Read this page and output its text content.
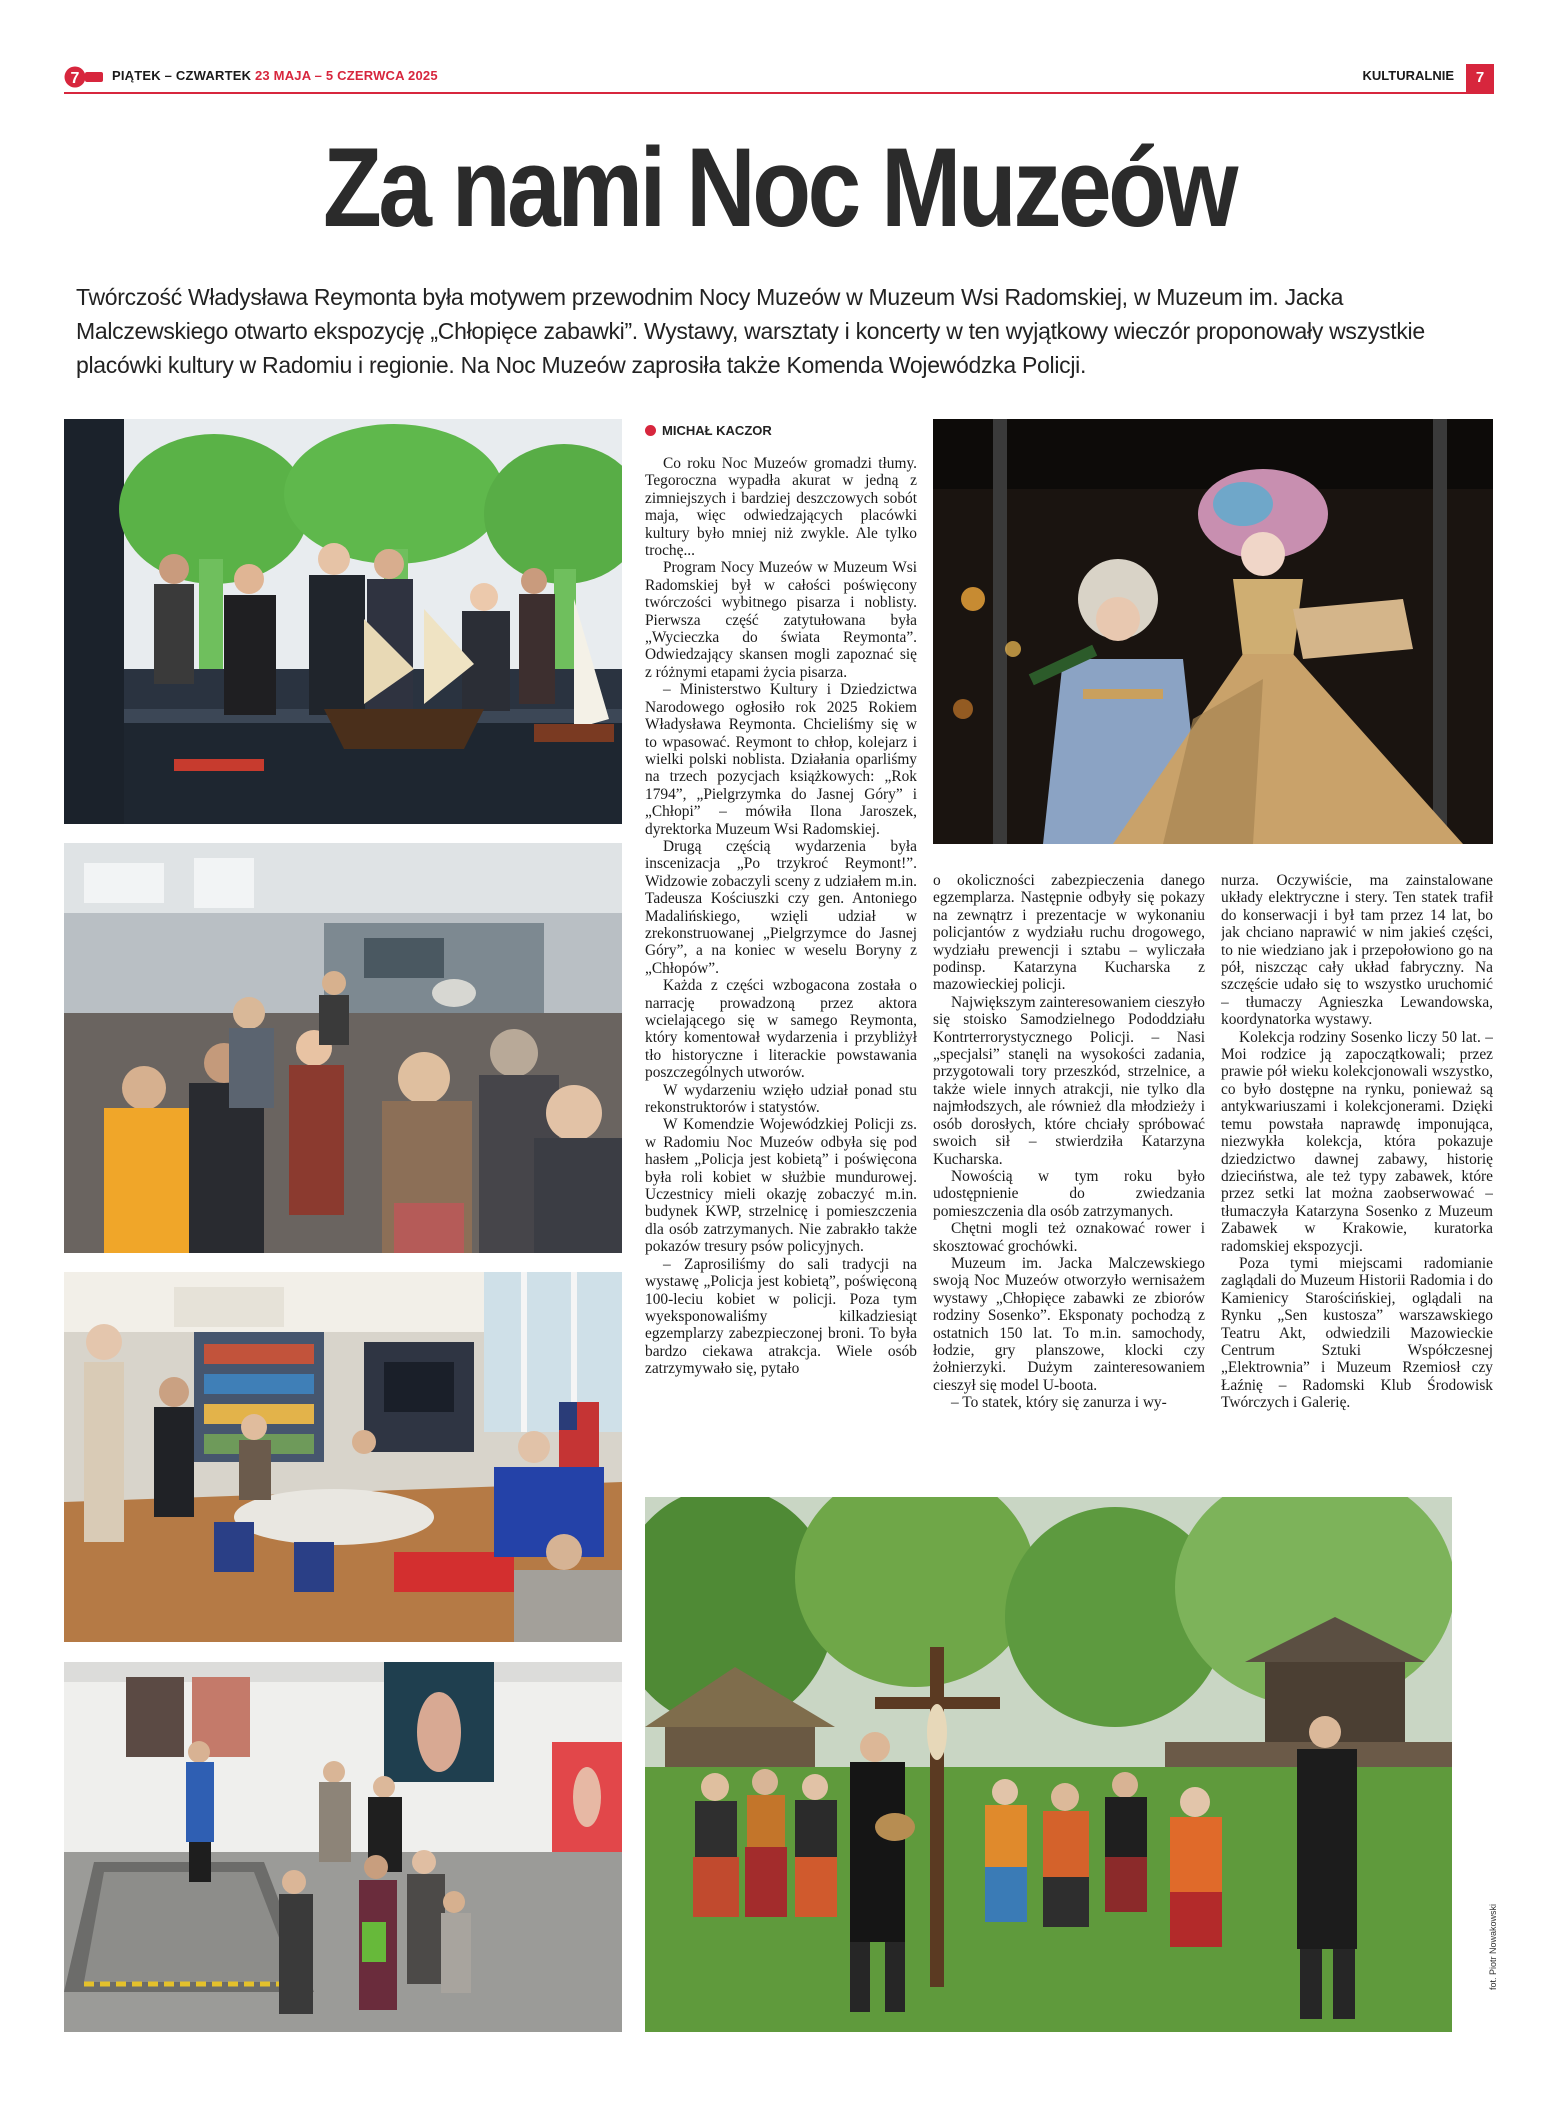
7	PIĄTEK – CZWARTEK 23 MAJA – 5 CZERWCA 2025	KULTURALNIE	7
Za nami Noc Muzeów

Twórczość Władysława Reymonta była motywem przewodnim Nocy Muzeów w Muzeum Wsi Radomskiej, w Muzeum im. Jacka Malczewskiego otwarto ekspozycję „Chłopięce zabawki”. Wystawy, warsztaty i koncerty w ten wyjątkowy wieczór proponowały wszystkie placówki kultury w Radomiu i regionie. Na Noc Muzeów zaprosiła także Komenda Wojewódzka Policji.

fot. Piotr Nowakowski
MICHAŁ KACZOR

Co roku Noc Muzeów gromadzi tłumy. Tegoroczna wypadła akurat w jedną z zimniejszych i bardziej deszczowych sobót maja, więc odwiedzających placówki kultury było mniej niż zwykle. Ale tylko trochę...

Program Nocy Muzeów w Muzeum Wsi Radomskiej był w całości poświęcony twórczości wybitnego pisarza i noblisty. Pierwsza część zatytułowana była „Wycieczka do świata Reymonta”. Odwiedzający skansen mogli zapoznać się z różnymi etapami życia pisarza.

– Ministerstwo Kultury i Dziedzictwa Narodowego ogłosiło rok 2025 Rokiem Władysława Reymonta. Chcieliśmy się w to wpasować. Reymont to chłop, kolejarz i wielki polski noblista. Działania oparliśmy na trzech pozycjach książkowych: „Rok 1794”, „Pielgrzymka do Jasnej Góry” i „Chłopi” – mówiła Ilona Jaroszek, dyrektorka Muzeum Wsi Radomskiej.

Drugą częścią wydarzenia była inscenizacja „Po trzykroć Reymont!”. Widzowie zobaczyli sceny z udziałem m.in. Tadeusza Kościuszki czy gen. Antoniego Madalińskiego, wzięli udział w zrekonstruowanej „Pielgrzymce do Jasnej Góry”, a na koniec w weselu Boryny z „Chłopów”.

Każda z części wzbogacona została o narrację prowadzoną przez aktora wcielającego się w samego Reymonta, który komentował wydarzenia i przybliżył tło historyczne i literackie powstawania poszczególnych utworów.

W wydarzeniu wzięło udział ponad stu rekonstruktorów i statystów.

W Komendzie Wojewódzkiej Policji zs. w Radomiu Noc Muzeów odbyła się pod hasłem „Policja jest kobietą” i poświęcona była roli kobiet w służbie mundurowej. Uczestnicy mieli okazję zobaczyć m.in. budynek KWP, strzelnicę i pomieszczenia dla osób zatrzymanych. Nie zabrakło także pokazów tresury psów policyjnych.

– Zaprosiliśmy do sali tradycji na wystawę „Policja jest kobietą”, poświęconą 100-leciu kobiet w policji. Poza tym wyeksponowaliśmy kilkadziesiąt egzemplarzy zabezpieczonej broni. To była bardzo ciekawa atrakcja. Wiele osób zatrzymywało się, pytało

o okoliczności zabezpieczenia danego egzemplarza. Następnie odbyły się pokazy na zewnątrz i prezentacje w wykonaniu policjantów z wydziału ruchu drogowego, wydziału prewencji i sztabu – wyliczała podinsp. Katarzyna Kucharska z mazowieckiej policji.

Największym zainteresowaniem cieszyło się stoisko Samodzielnego Pododdziału Kontrterrorystycznego Policji. – Nasi „specjalsi” stanęli na wysokości zadania, przygotowali tory przeszkód, strzelnice, a także wiele innych atrakcji, nie tylko dla najmłodszych, ale również dla młodzieży i osób dorosłych, które chciały spróbować swoich sił – stwierdziła Katarzyna Kucharska.

Nowością w tym roku było udostępnienie do zwiedzania pomieszczenia dla osób zatrzymanych.

Chętni mogli też oznakować rower i skosztować grochówki.

Muzeum im. Jacka Malczewskiego swoją Noc Muzeów otworzyło wernisażem wystawy „Chłopięce zabawki ze zbiorów rodziny Sosenko”. Eksponaty pochodzą z ostatnich 150 lat. To m.in. samochody, łodzie, gry planszowe, klocki czy żołnierzyki. Dużym zainteresowaniem cieszył się model U-boota.

– To statek, który się zanurza i wy-

nurza. Oczywiście, ma zainstalowane układy elektryczne i stery. Ten statek trafił do konserwacji i był tam przez 14 lat, bo jak chciano naprawić w nim jakieś części, to nie wiedziano jak i przepołowiono go na pół, niszcząc cały układ fabryczny. Na szczęście udało się to wszystko uruchomić – tłumaczy Agnieszka Lewandowska, koordynatorka wystawy.

Kolekcja rodziny Sosenko liczy 50 lat. – Moi rodzice ją zapoczątkowali; przez prawie pół wieku kolekcjonowali wszystko, co było dostępne na rynku, ponieważ są antykwariuszami i kolekcjonerami. Dzięki temu powstała naprawdę imponująca, niezwykła kolekcja, która pokazuje dziedzictwo dawnej zabawy, historię dzieciństwa, ale też typy zabawek, które przez setki lat można zaobserwować – tłumaczyła Katarzyna Sosenko z Muzeum Zabawek w Krakowie, kuratorka radomskiej ekspozycji.

Poza tymi miejscami radomianie zaglądali do Muzeum Historii Radomia i do Kamienicy Starościńskiej, oglądali na Rynku „Sen kustosza” warszawskiego Teatru Akt, odwiedzili Mazowieckie Centrum Sztuki Współczesnej „Elektrownia” i Muzeum Rzemiosł czy Łaźnię – Radomski Klub Środowisk Twórczych i Galerię.
